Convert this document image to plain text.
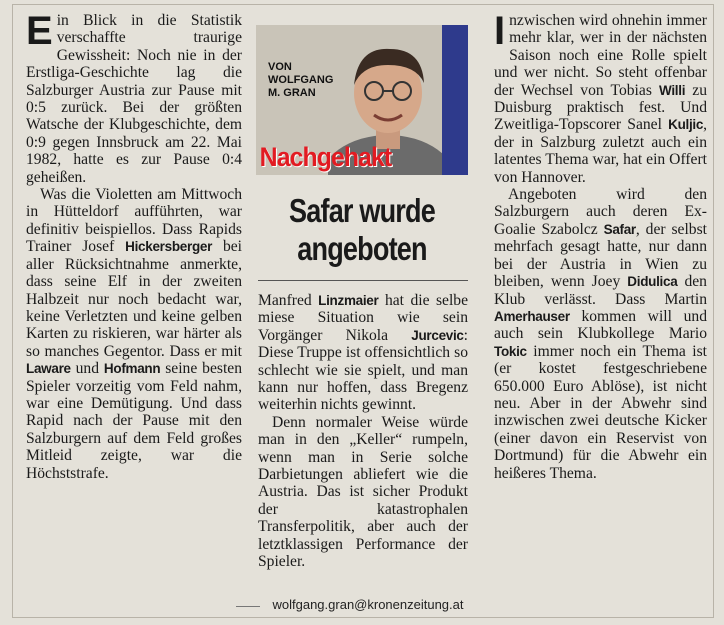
Ein Blick in die Statistik verschaffte traurige Gewissheit: Noch nie in der Erstliga-Geschichte lag die Salzburger Austria zur Pause mit 0:5 zurück. Bei der größten Watsche der Klubgeschichte, dem 0:9 gegen Innsbruck am 22. Mai 1982, hatte es zur Pause 0:4 geheißen.

Was die Violetten am Mittwoch in Hütteldorf aufführten, war definitiv beispiellos. Dass Rapids Trainer Josef Hickersberger bei aller Rücksichtnahme anmerkte, dass seine Elf in der zweiten Halbzeit nur noch bedacht war, keine Verletzten und keine gelben Karten zu riskieren, war härter als so manches Gegentor. Dass er mit Laware und Hofmann seine besten Spieler vorzeitig vom Feld nahm, war eine Demütigung. Und dass Rapid nach der Pause mit den Salzburgern auf dem Feld großes Mitleid zeigte, war die Höchststrafe.

VON
WOLFGANG
M. GRAN
Nachgehakt
Safar wurde
angeboten

Manfred Linzmaier hat die selbe miese Situation wie sein Vorgänger Nikola Jurcevic: Diese Truppe ist offensichtlich so schlecht wie sie spielt, und man kann nur hoffen, dass Bregenz weiterhin nichts gewinnt.

Denn normaler Weise würde man in den „Keller“ rumpeln, wenn man in Serie solche Darbietungen abliefert wie die Austria. Das ist sicher Produkt der katastrophalen Transferpolitik, aber auch der letztklassigen Performance der Spieler.

Inzwischen wird ohnehin immer mehr klar, wer in der nächsten Saison noch eine Rolle spielt und wer nicht. So steht offenbar der Wechsel von Tobias Willi zu Duisburg praktisch fest. Und Zweitliga-Topscorer Sanel Kuljic, der in Salzburg zuletzt auch ein latentes Thema war, hat ein Offert von Hannover.

Angeboten wird den Salzburgern auch deren Ex-Goalie Szabolcz Safar, der selbst mehrfach gesagt hatte, nur dann bei der Austria in Wien zu bleiben, wenn Joey Didulica den Klub verlässt. Dass Martin Amerhauser kommen will und auch sein Klubkollege Mario Tokic immer noch ein Thema ist (er kostet festgeschriebene 650.000 Euro Ablöse), ist nicht neu. Aber in der Abwehr sind inzwischen zwei deutsche Kicker (einer davon ein Reservist von Dortmund) für die Abwehr ein heißeres Thema.

wolfgang.gran@kronenzeitung.at
